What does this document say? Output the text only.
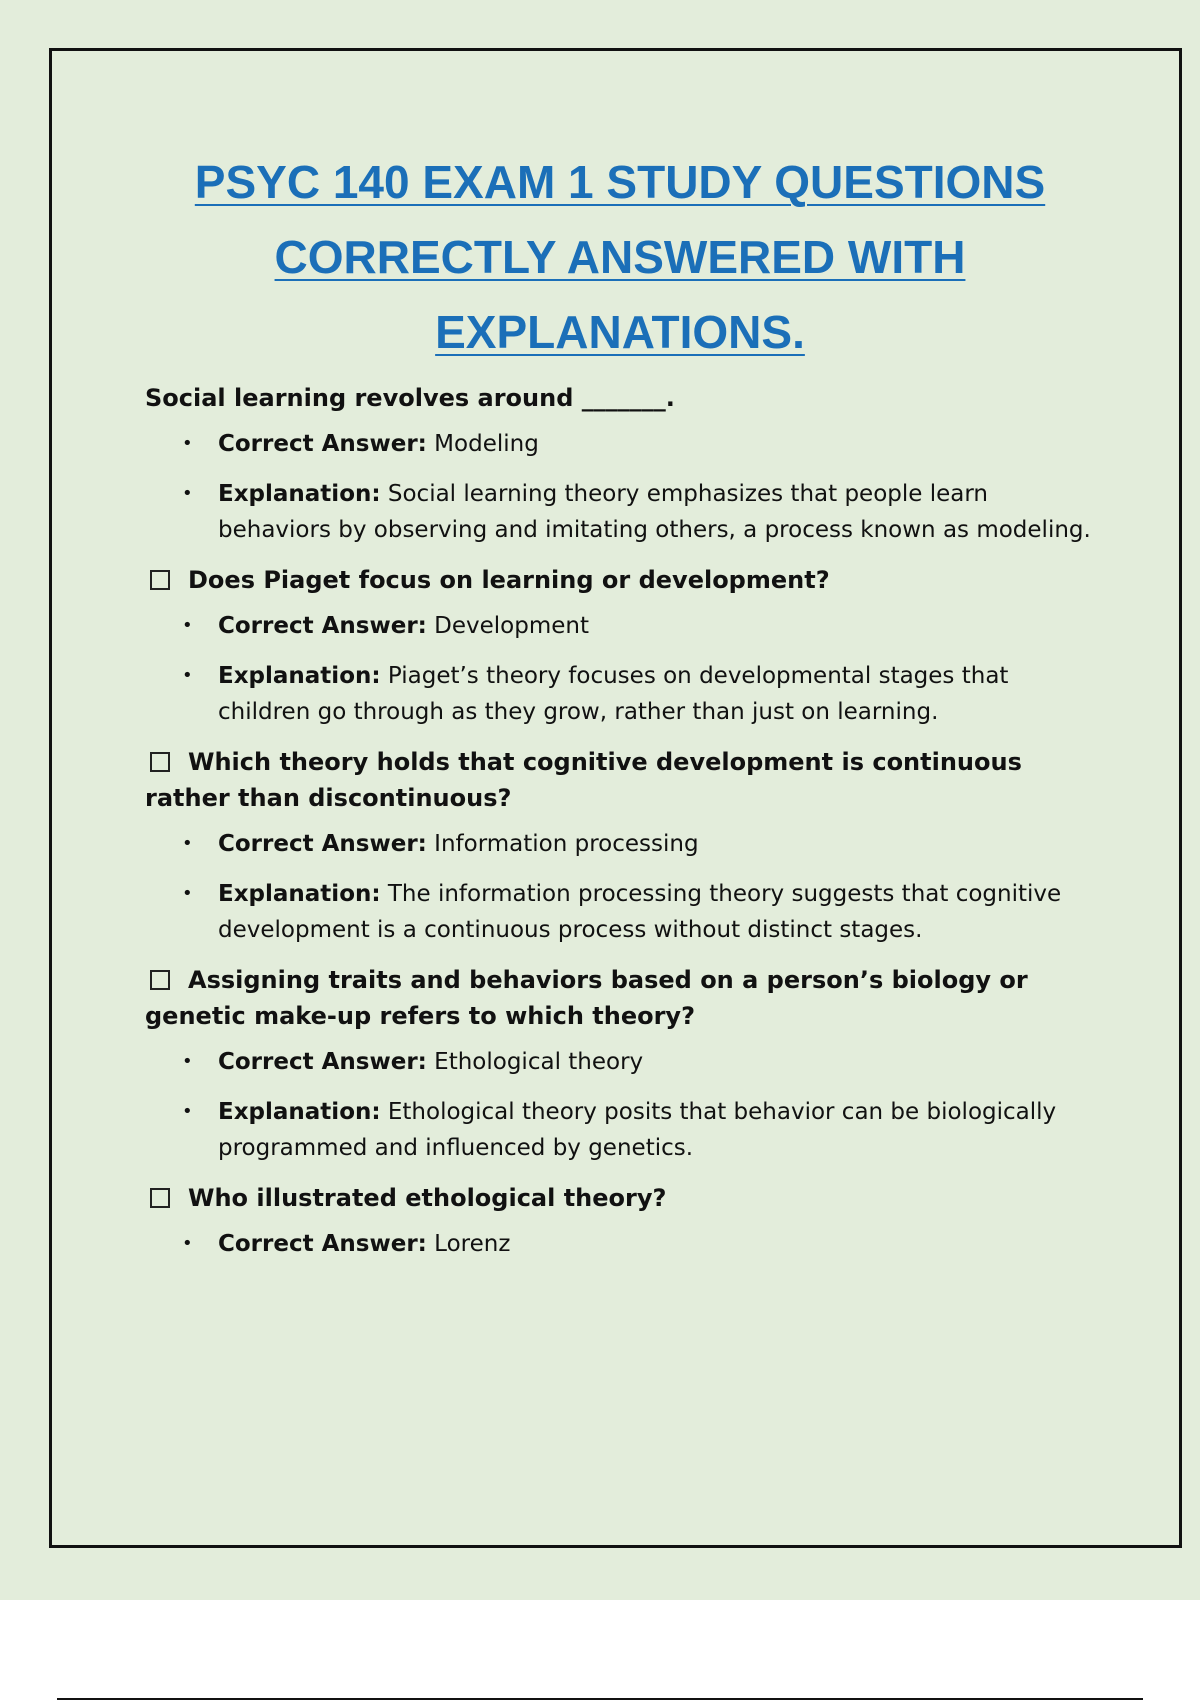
PSYC 140 EXAM 1 STUDY QUESTIONS
CORRECTLY ANSWERED WITH
EXPLANATIONS.
Social learning revolves around _______.
• Correct Answer: Modeling
• Explanation: Social learning theory emphasizes that people learn behaviors by observing and imitating others, a process known as modeling.
Does Piaget focus on learning or development?
• Correct Answer: Development
• Explanation: Piaget’s theory focuses on developmental stages that children go through as they grow, rather than just on learning.
Which theory holds that cognitive development is continuous rather than discontinuous?
• Correct Answer: Information processing
• Explanation: The information processing theory suggests that cognitive development is a continuous process without distinct stages.
Assigning traits and behaviors based on a person’s biology or genetic make-up refers to which theory?
• Correct Answer: Ethological theory
• Explanation: Ethological theory posits that behavior can be biologically programmed and influenced by genetics.
Who illustrated ethological theory?
• Correct Answer: Lorenz
